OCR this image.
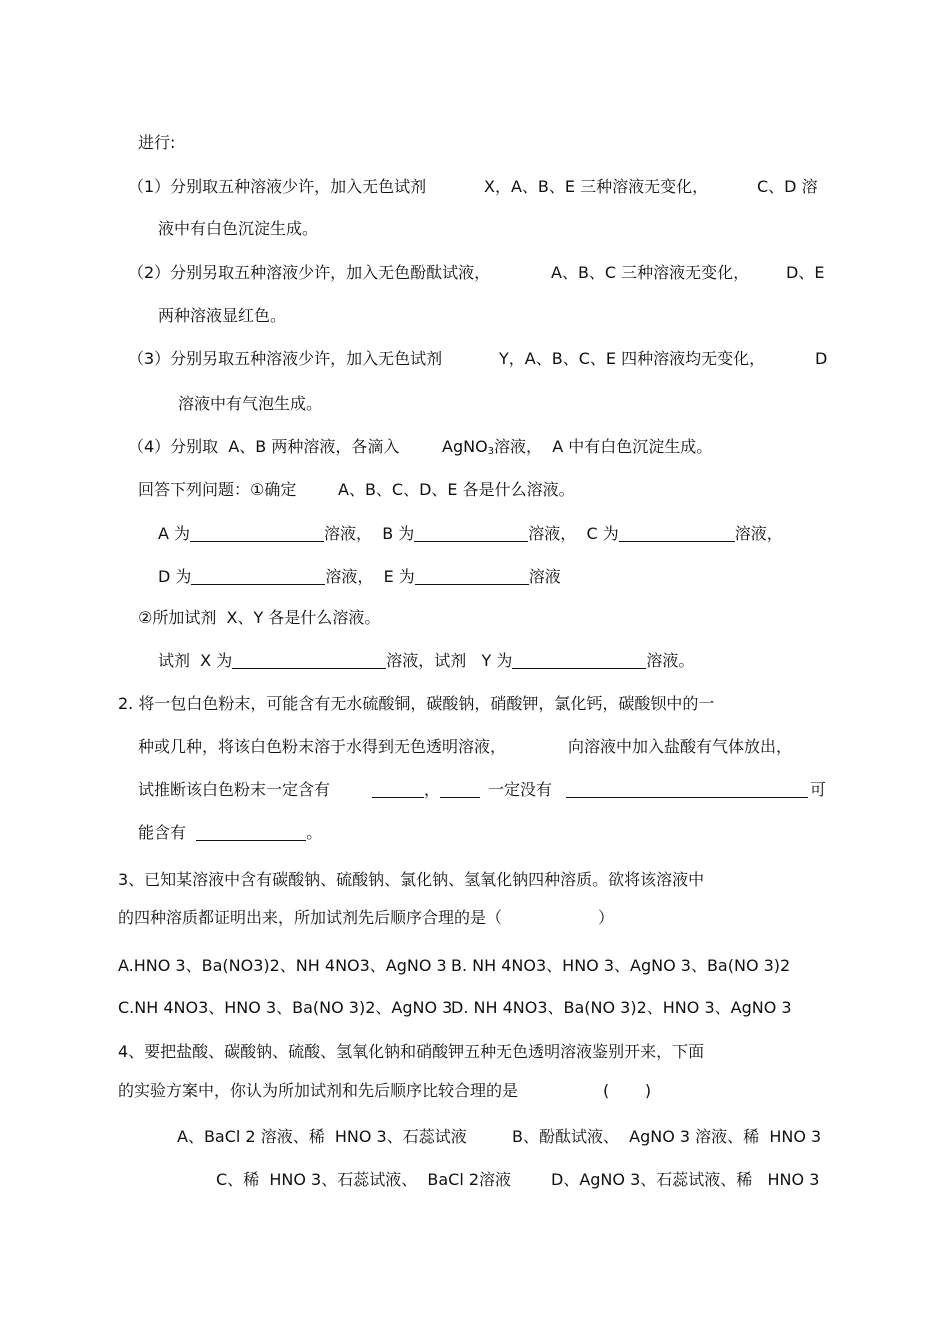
进行:
（1）分别取五种溶液少许，加入无色试剂	X，A、B、E 三种溶液无变化，	C、D 溶
液中有白色沉淀生成。
（2）分别另取五种溶液少许，加入无色酚酞试液，	A、B、C 三种溶液无变化， D、E
两种溶液显红色。
（3）分别另取五种溶液少许，加入无色试剂	Y，A、B、C、E 四种溶液均无变化，	D
溶液中有气泡生成。
（4）分别取  A、B 两种溶液，各滴入	AgNO$_3$溶液，  A 中有白色沉淀生成。
回答下列问题：①确定	A、B、C、D、E 各是什么溶液。
A 为	溶液，  B 为	溶液，  C 为	溶液，
D 为	溶液，  E 为	溶液
②所加试剂  X、Y 各是什么溶液。
试剂  X 为	溶液，试剂 Y 为	溶液。
2. 将一包白色粉末，可能含有无水硫酸铜，碳酸钠，硝酸钾，氯化钙，碳酸钡中的一
种或几种，将该白色粉末溶于水得到无色透明溶液，	向溶液中加入盐酸有气体放出，
试推断该白色粉末一定含有	，	一定没有	可
能含有	。
3、已知某溶液中含有碳酸钠、硫酸钠、氯化钠、氢氧化钠四种溶质。欲将该溶液中
的四种溶质都证明出来，所加试剂先后顺序合理的是（	）
A.HNO 3、Ba(NO3)2、NH 4NO3、AgNO 3 B. NH 4NO3、HNO 3、AgNO 3、Ba(NO 3)2
C.NH 4NO3、HNO 3、Ba(NO 3)2、AgNO 3
D. NH 4NO3、Ba(NO 3)2、HNO 3、AgNO 3
4、要把盐酸、碳酸钠、硫酸、氢氧化钠和硝酸钾五种无色透明溶液鉴别开来，下面
的实验方案中，你认为所加试剂和先后顺序比较合理的是	(       )
A、BaCl 2 溶液、稀  HNO 3、石蕊试液	B、酚酞试液、  AgNO 3 溶液、稀  HNO 3
C、稀  HNO 3、石蕊试液、  BaCl 2溶液 D、AgNO 3、石蕊试液、稀   HNO 3
